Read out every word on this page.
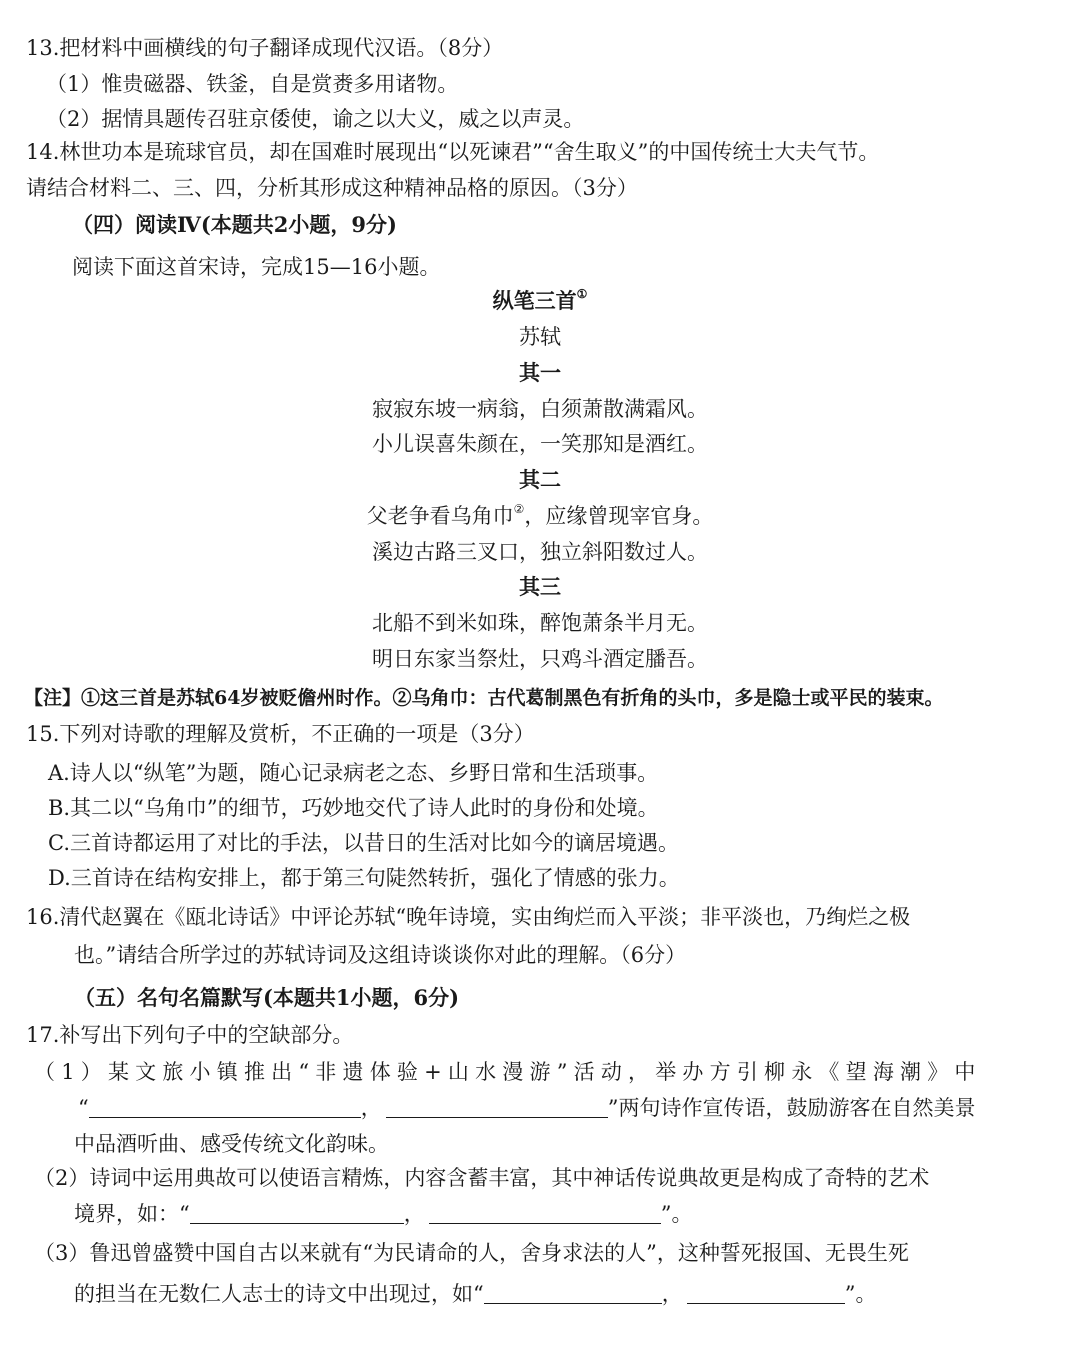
13.把材料中画横线的句子翻译成现代汉语。（8分）
（1）惟贵磁器、铁釜，自是赏赉多用诸物。
（2）据情具题传召驻京倭使，谕之以大义，威之以声灵。
14.林世功本是琉球官员，却在国难时展现出“以死谏君”“舍生取义”的中国传统士大夫气节。
请结合材料二、三、四，分析其形成这种精神品格的原因。（3分）
（四）阅读Ⅳ(本题共2小题，9分)
阅读下面这首宋诗，完成15—16小题。
纵笔三首①
苏轼
其一
寂寂东坡一病翁，白须萧散满霜风。
小儿误喜朱颜在，一笑那知是酒红。
其二
父老争看乌角巾②，应缘曾现宰官身。
溪边古路三叉口，独立斜阳数过人。
其三
北船不到米如珠，醉饱萧条半月无。
明日东家当祭灶，只鸡斗酒定膰吾。
【注】①这三首是苏轼64岁被贬儋州时作。②乌角巾：古代葛制黑色有折角的头巾，多是隐士或平民的装束。
15.下列对诗歌的理解及赏析，不正确的一项是（3分）
A.诗人以“纵笔”为题，随心记录病老之态、乡野日常和生活琐事。
B.其二以“乌角巾”的细节，巧妙地交代了诗人此时的身份和处境。
C.三首诗都运用了对比的手法，以昔日的生活对比如今的谪居境遇。
D.三首诗在结构安排上，都于第三句陡然转折，强化了情感的张力。
16.清代赵翼在《瓯北诗话》中评论苏轼“晚年诗境，实由绚烂而入平淡；非平淡也，乃绚烂之极
也。”请结合所学过的苏轼诗词及这组诗谈谈你对此的理解。（6分）
（五）名句名篇默写(本题共1小题，6分)
17.补写出下列句子中的空缺部分。
（1）某文旅小镇推出“非遗体验+山水漫游”活动，举办方引柳永《望海潮》中
“	，	”两句诗作宣传语，鼓励游客在自然美景
中品酒听曲、感受传统文化韵味。
（2）诗词中运用典故可以使语言精炼，内容含蓄丰富，其中神话传说典故更是构成了奇特的艺术
境界，如：“	，	”。
（3）鲁迅曾盛赞中国自古以来就有“为民请命的人，舍身求法的人”，这种誓死报国、无畏生死
的担当在无数仁人志士的诗文中出现过，如“	，	”。
